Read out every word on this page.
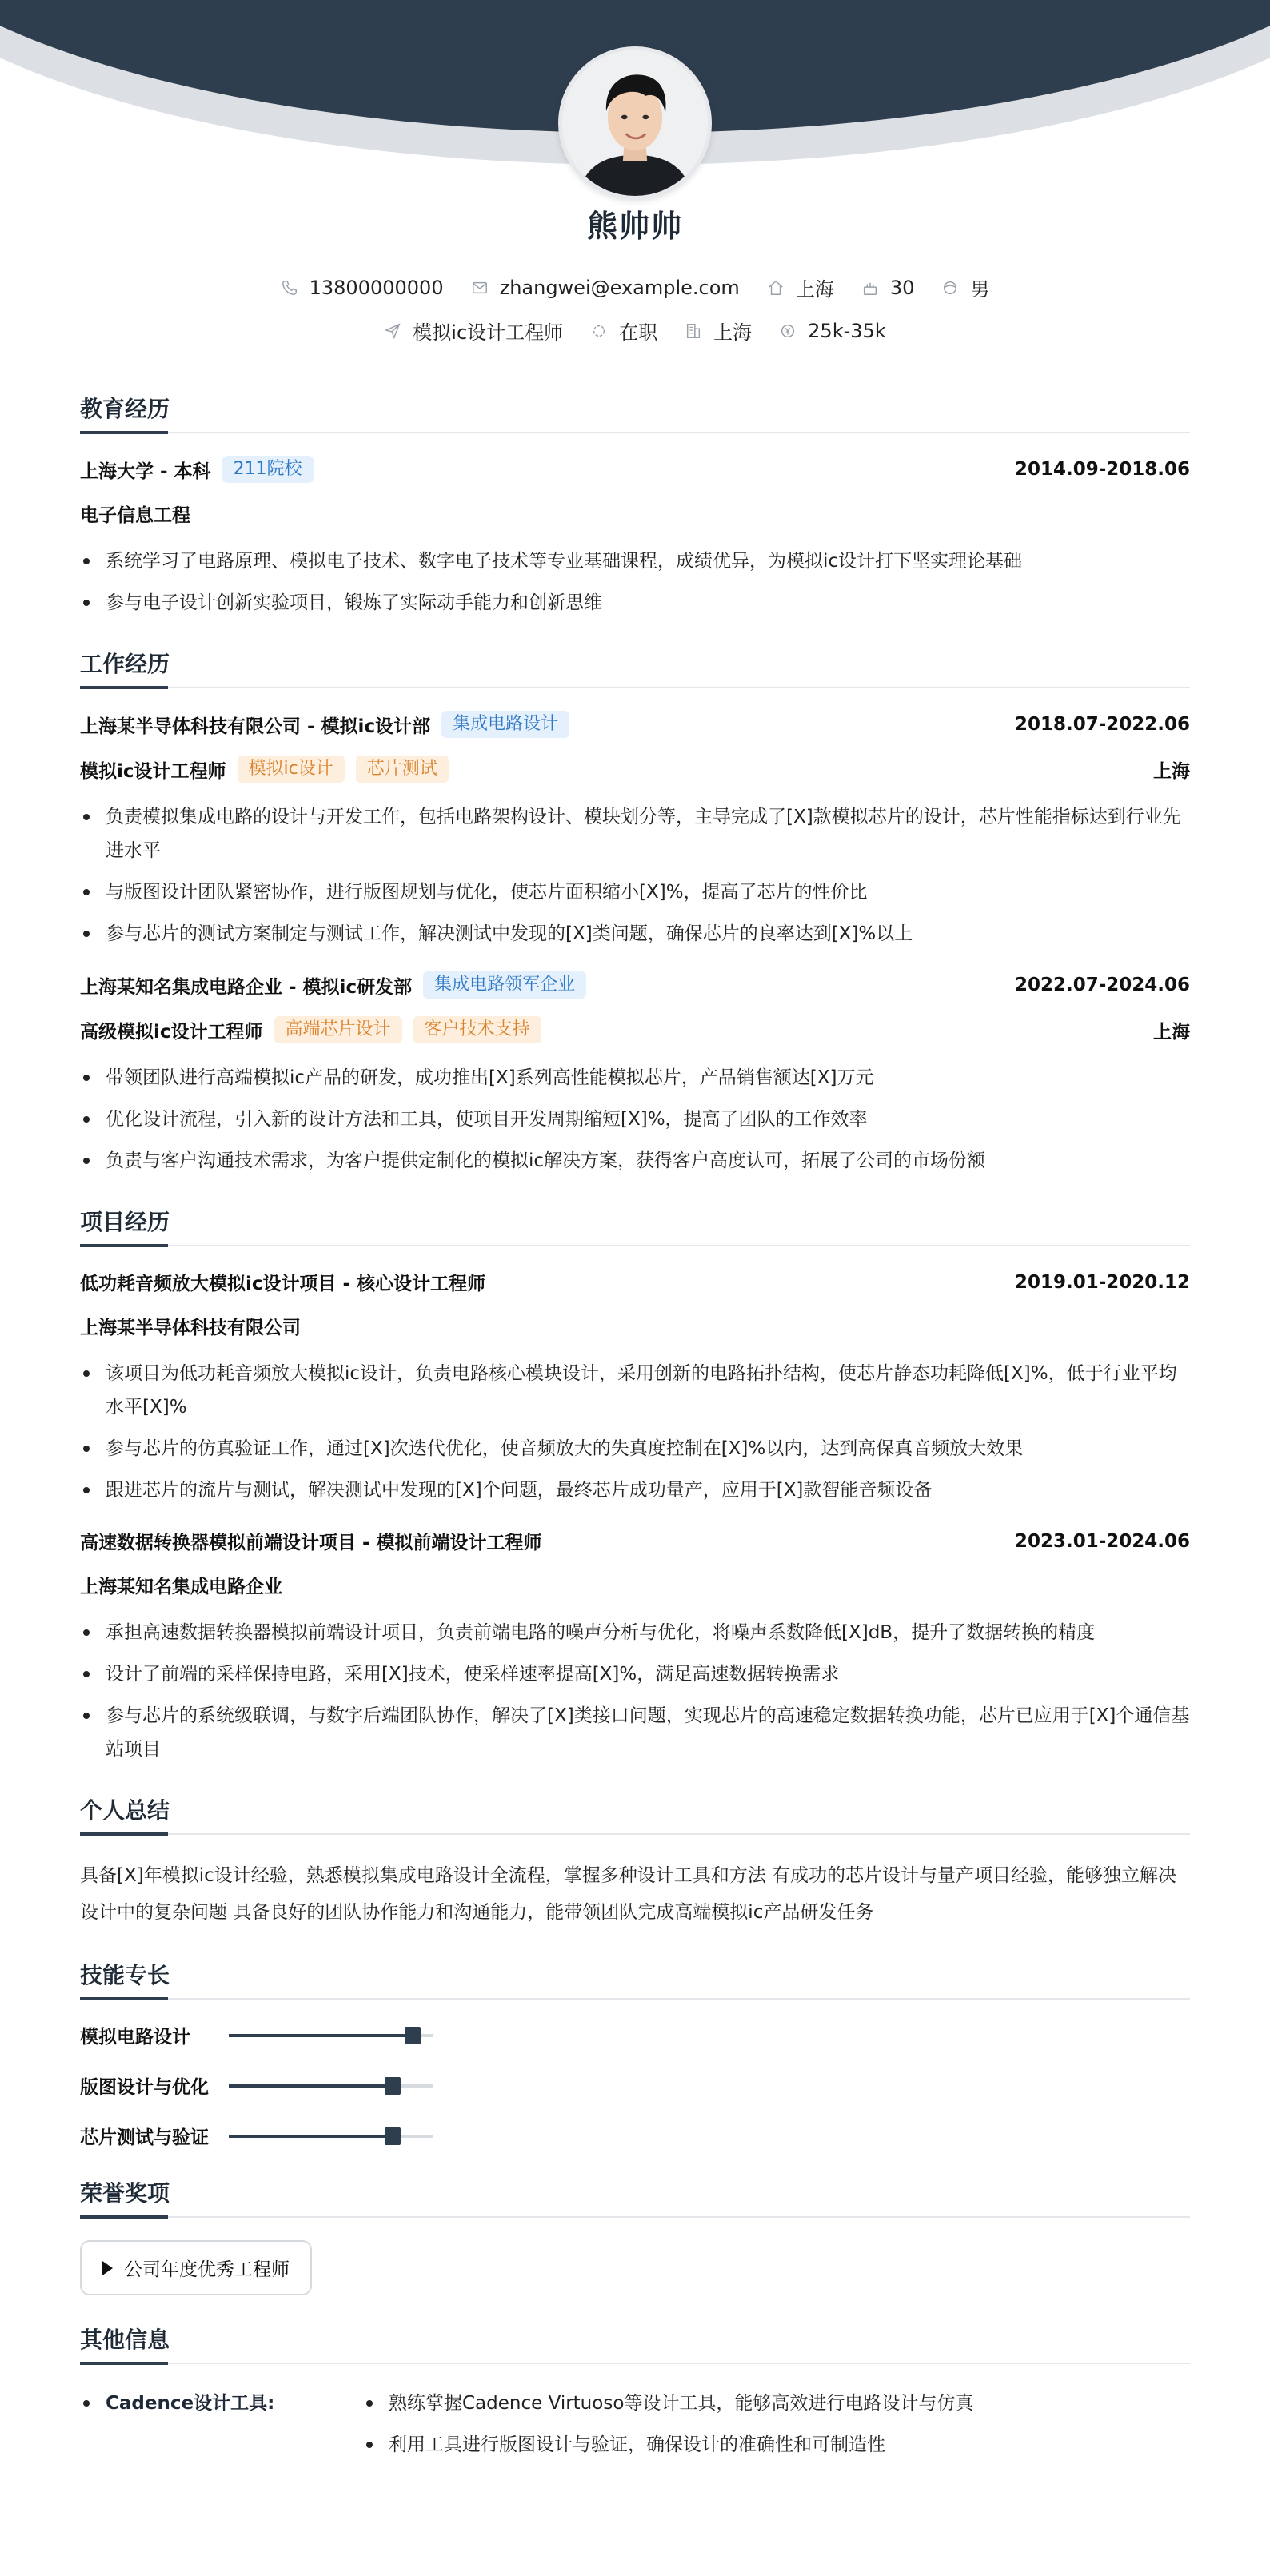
熊帅帅
13800000000	zhangwei@example.com	上海	30	男
模拟ic设计工程师	在职	上海	25k-35k
教育经历
上海大学 - 本科	211院校	2014.09-2018.06
电子信息工程
系统学习了电路原理、模拟电子技术、数字电子技术等专业基础课程，成绩优异，为模拟ic设计打下坚实理论基础
参与电子设计创新实验项目，锻炼了实际动手能力和创新思维
工作经历
上海某半导体科技有限公司 - 模拟ic设计部	集成电路设计	2018.07-2022.06
模拟ic设计工程师	模拟ic设计	芯片测试	上海
负责模拟集成电路的设计与开发工作，包括电路架构设计、模块划分等，主导完成了[X]款模拟芯片的设计，芯片性能指标达到行业先进水平
与版图设计团队紧密协作，进行版图规划与优化，使芯片面积缩小[X]%，提高了芯片的性价比
参与芯片的测试方案制定与测试工作，解决测试中发现的[X]类问题，确保芯片的良率达到[X]%以上
上海某知名集成电路企业 - 模拟ic研发部	集成电路领军企业	2022.07-2024.06
高级模拟ic设计工程师	高端芯片设计	客户技术支持	上海
带领团队进行高端模拟ic产品的研发，成功推出[X]系列高性能模拟芯片，产品销售额达[X]万元
优化设计流程，引入新的设计方法和工具，使项目开发周期缩短[X]%，提高了团队的工作效率
负责与客户沟通技术需求，为客户提供定制化的模拟ic解决方案，获得客户高度认可，拓展了公司的市场份额
项目经历
低功耗音频放大模拟ic设计项目 - 核心设计工程师	2019.01-2020.12
上海某半导体科技有限公司
该项目为低功耗音频放大模拟ic设计，负责电路核心模块设计，采用创新的电路拓扑结构，使芯片静态功耗降低[X]%，低于行业平均水平[X]%
参与芯片的仿真验证工作，通过[X]次迭代优化，使音频放大的失真度控制在[X]%以内，达到高保真音频放大效果
跟进芯片的流片与测试，解决测试中发现的[X]个问题，最终芯片成功量产，应用于[X]款智能音频设备
高速数据转换器模拟前端设计项目 - 模拟前端设计工程师	2023.01-2024.06
上海某知名集成电路企业
承担高速数据转换器模拟前端设计项目，负责前端电路的噪声分析与优化，将噪声系数降低[X]dB，提升了数据转换的精度
设计了前端的采样保持电路，采用[X]技术，使采样速率提高[X]%，满足高速数据转换需求
参与芯片的系统级联调，与数字后端团队协作，解决了[X]类接口问题，实现芯片的高速稳定数据转换功能，芯片已应用于[X]个通信基站项目
个人总结
具备[X]年模拟ic设计经验，熟悉模拟集成电路设计全流程，掌握多种设计工具和方法 有成功的芯片设计与量产项目经验，能够独立解决设计中的复杂问题 具备良好的团队协作能力和沟通能力，能带领团队完成高端模拟ic产品研发任务
技能专长
模拟电路设计
版图设计与优化
芯片测试与验证
荣誉奖项
公司年度优秀工程师
其他信息
Cadence设计工具:	熟练掌握Cadence Virtuoso等设计工具，能够高效进行电路设计与仿真
利用工具进行版图设计与验证，确保设计的准确性和可制造性
